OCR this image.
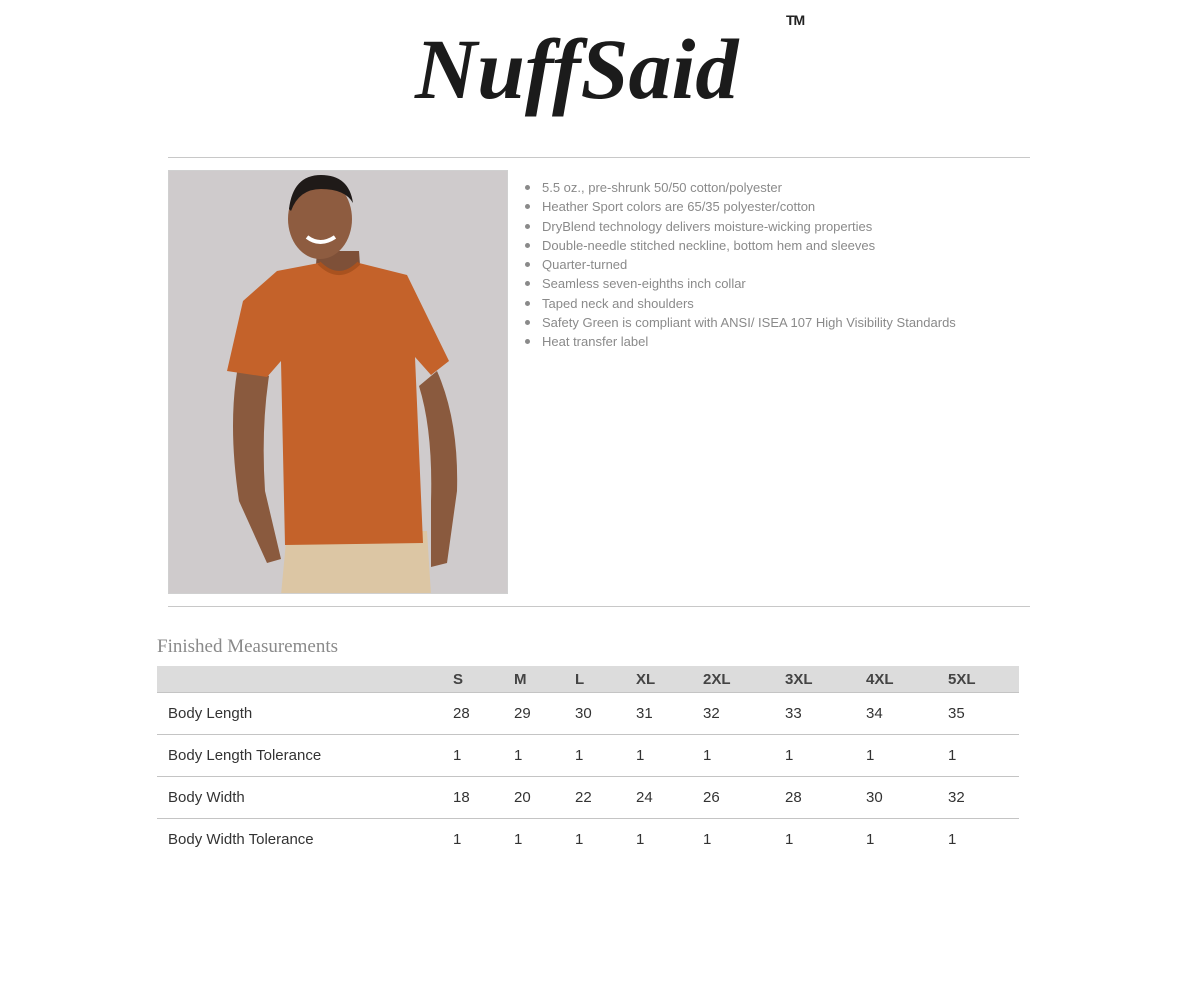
NuffSaid
TM
5.5 oz., pre-shrunk 50/50 cotton/polyester
Heather Sport colors are 65/35 polyester/cotton
DryBlend technology delivers moisture-wicking properties
Double-needle stitched neckline, bottom hem and sleeves
Quarter-turned
Seamless seven-eighths inch collar
Taped neck and shoulders
Safety Green is compliant with ANSI/ ISEA 107 High Visibility Standards
Heat transfer label
Finished Measurements
	S	M	L	XL	2XL	3XL	4XL	5XL
Body Length	28	29	30	31	32	33	34	35
Body Length Tolerance	1	1	1	1	1	1	1	1
Body Width	18	20	22	24	26	28	30	32
Body Width Tolerance	1	1	1	1	1	1	1	1
